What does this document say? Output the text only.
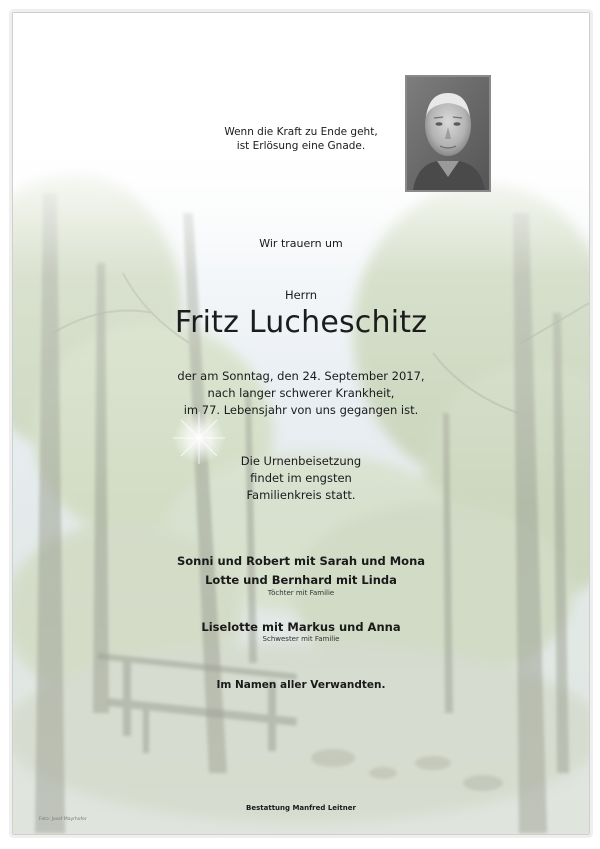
Wenn die Kraft zu Ende geht,
ist Erlösung eine Gnade.
Wir trauern um
Herrn
Fritz Lucheschitz
der am Sonntag, den 24. September 2017,
nach langer schwerer Krankheit,
im 77. Lebensjahr von uns gegangen ist.
Die Urnenbeisetzung
findet im engsten
Familienkreis statt.
Sonni und Robert mit Sarah und Mona
Lotte und Bernhard mit Linda
Töchter mit Familie
Liselotte mit Markus und Anna
Schwester mit Familie
Im Namen aller Verwandten.
Bestattung Manfred Leitner
Foto: Josef Mayrhofer
